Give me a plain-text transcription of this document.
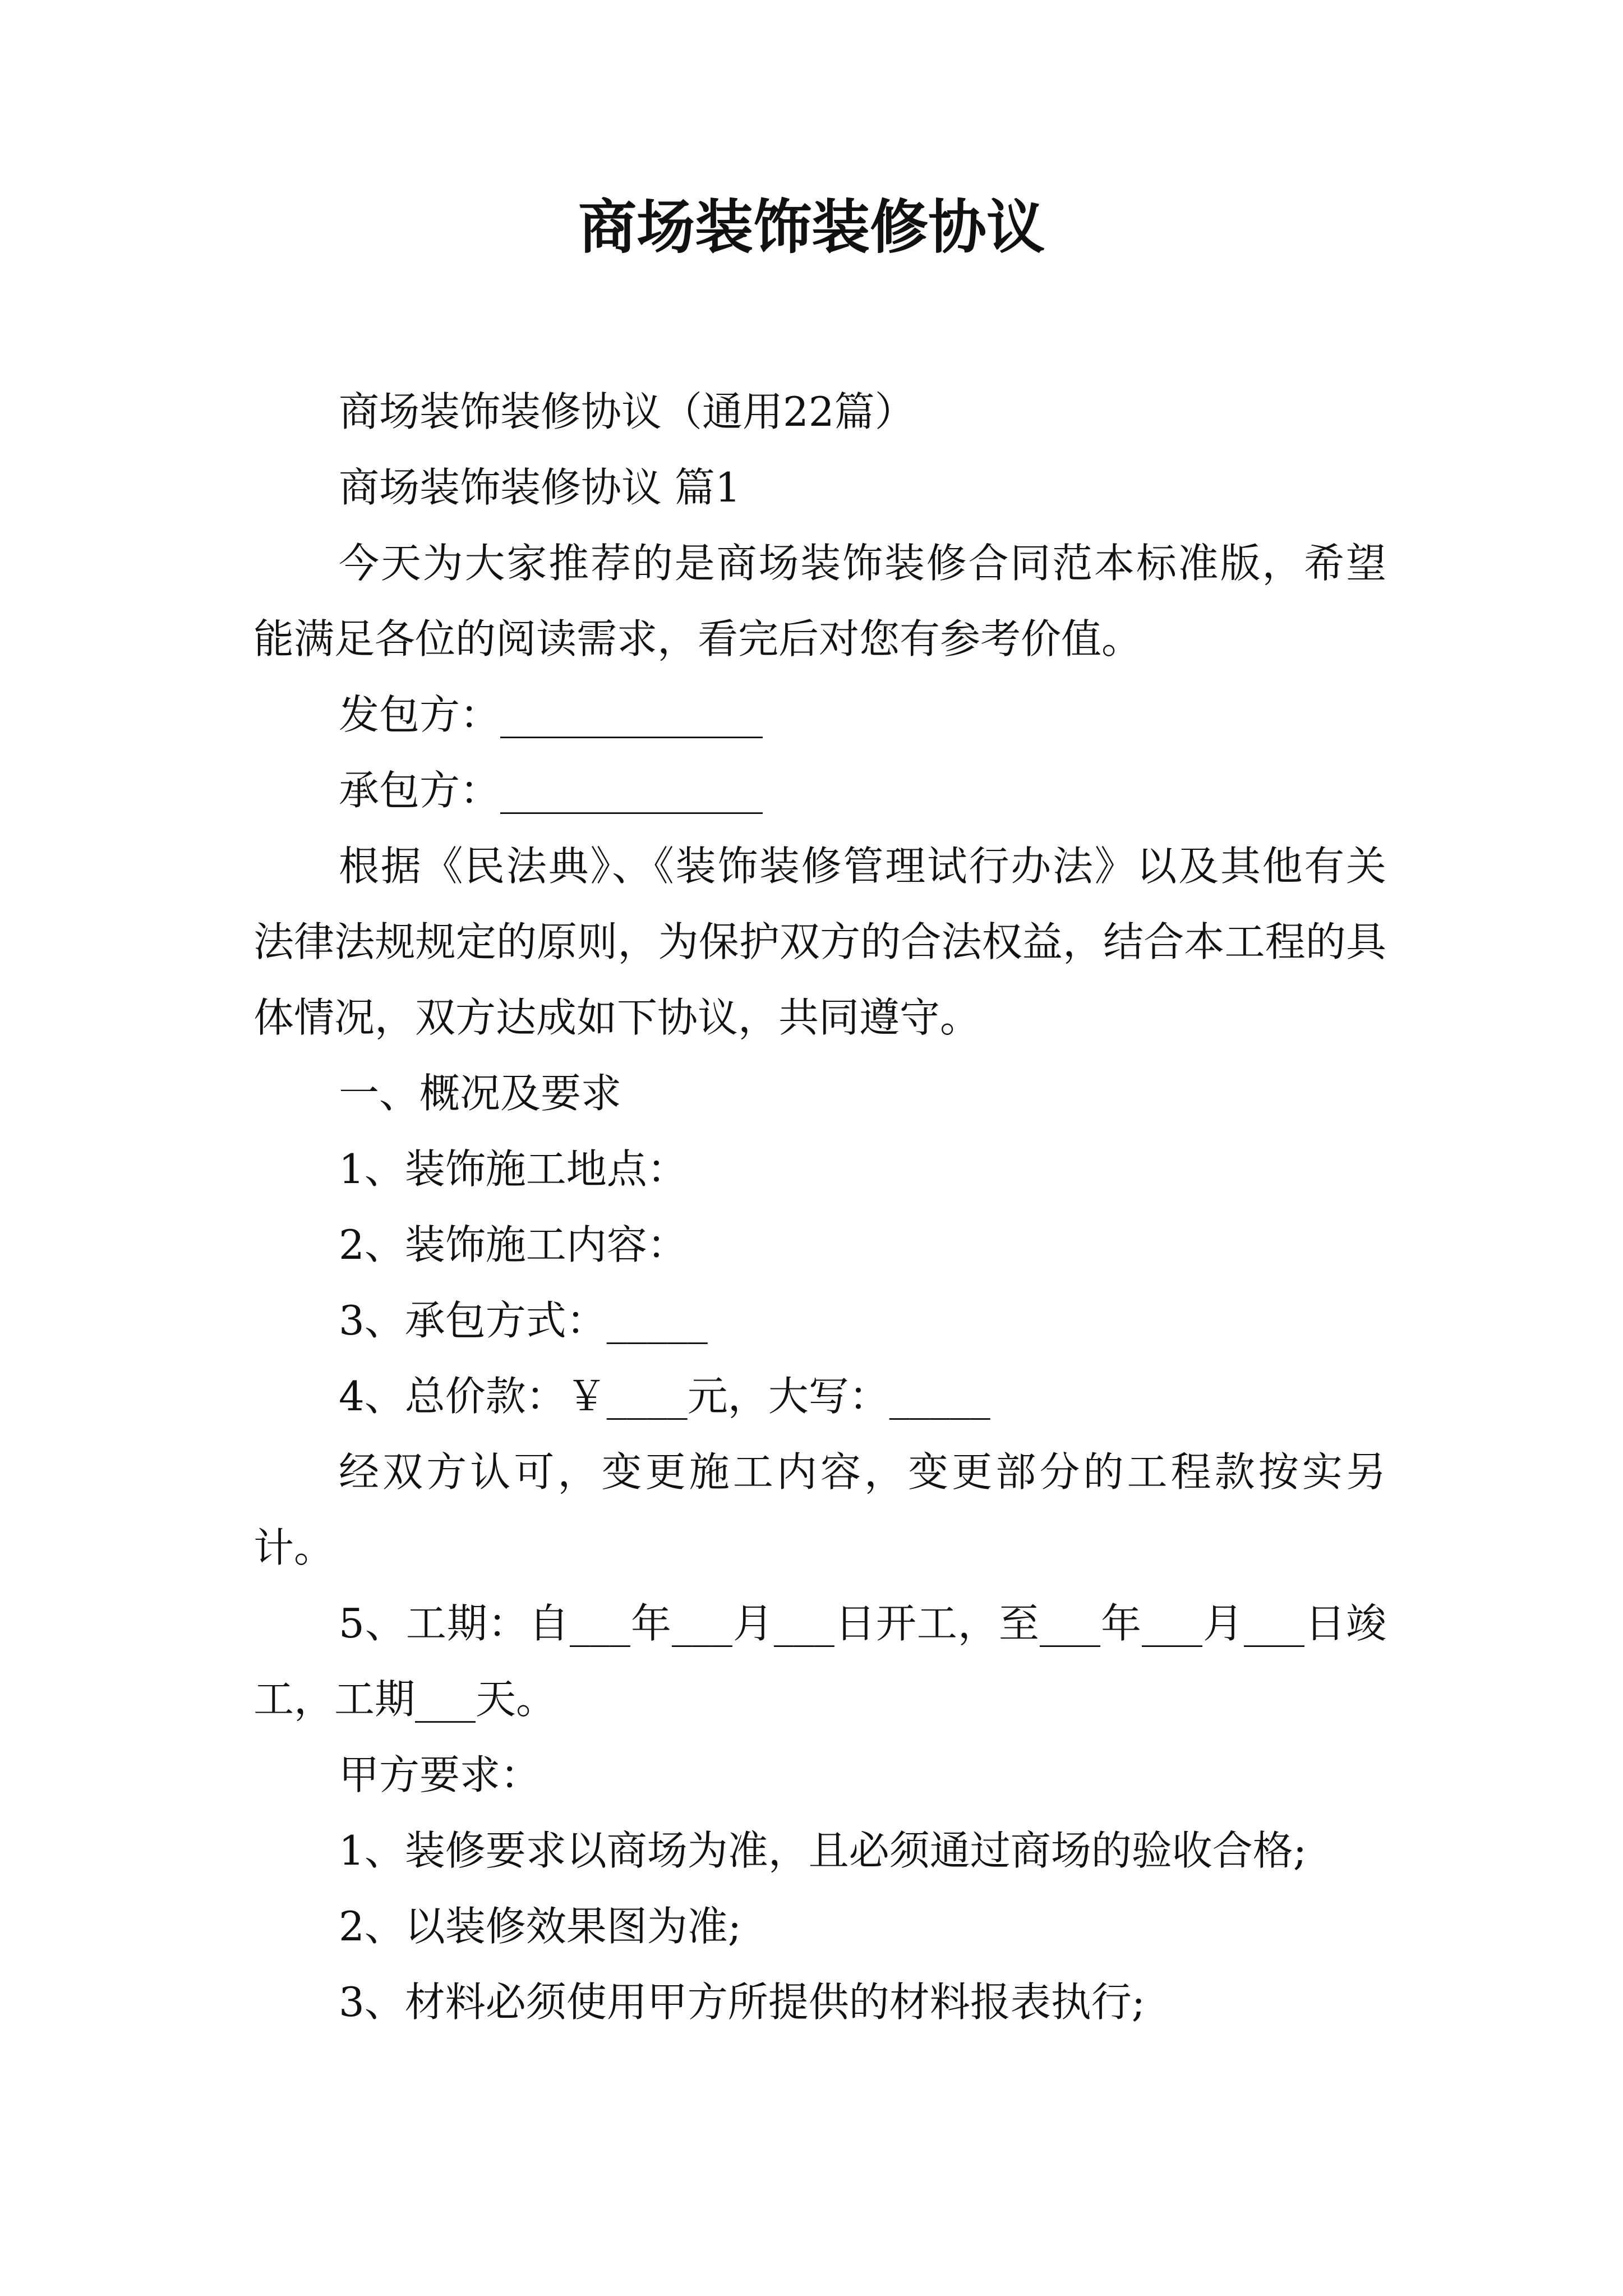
商场装饰装修协议

商场装饰装修协议（通用22篇）

商场装饰装修协议 篇1

今天为大家推荐的是商场装饰装修合同范本标准版，希望能满足各位的阅读需求，看完后对您有参考价值。

发包方：_____________

承包方：_____________

根据《民法典》、《装饰装修管理试行办法》以及其他有关法律法规规定的原则，为保护双方的合法权益，结合本工程的具体情况，双方达成如下协议，共同遵守。

一、概况及要求

1、装饰施工地点：

2、装饰施工内容：

3、承包方式：_____

4、总价款：￥____元，大写：_____

经双方认可，变更施工内容，变更部分的工程款按实另计。

5、工期：自___年___月___日开工，至___年___月___日竣工，工期___天。

甲方要求：

1、装修要求以商场为准，且必须通过商场的验收合格;

2、以装修效果图为准;

3、材料必须使用甲方所提供的材料报表执行;
